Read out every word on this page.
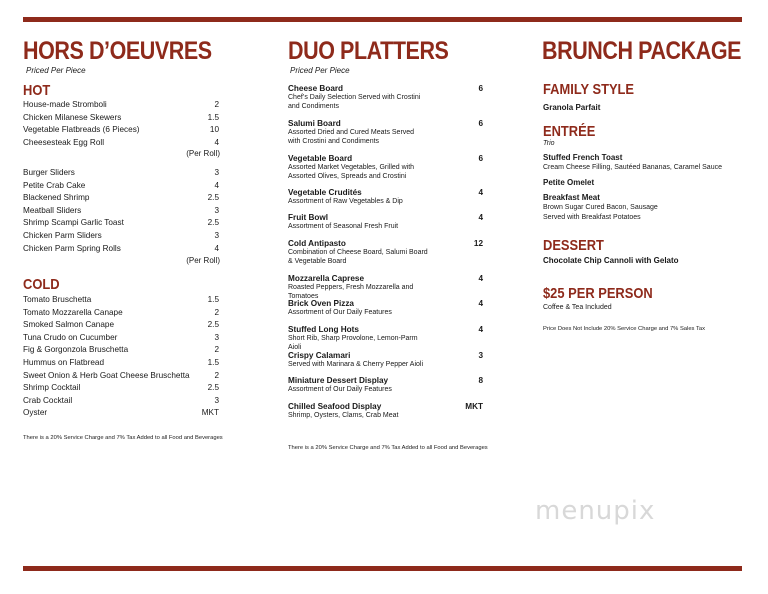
HORS D’OEUVRES
Priced Per Piece
HOT
House-made Stromboli	2
Chicken Milanese Skewers	1.5
Vegetable Flatbreads (6 Pieces)	10
Cheesesteak Egg Roll	4
(Per Roll)
Burger Sliders	3
Petite Crab Cake	4
Blackened Shrimp	2.5
Meatball Sliders	3
Shrimp Scampi Garlic Toast	2.5
Chicken Parm Sliders	3
Chicken Parm Spring Rolls	4
(Per Roll)
COLD
Tomato Bruschetta	1.5
Tomato Mozzarella Canape	2
Smoked Salmon Canape	2.5
Tuna Crudo on Cucumber	3
Fig & Gorgonzola Bruschetta	2
Hummus on Flatbread	1.5
Sweet Onion & Herb Goat Cheese Bruschetta	2
Shrimp Cocktail	2.5
Crab Cocktail	3
Oyster	MKT
There is a 20% Service Charge and 7% Tax Added to all Food and Beverages
DUO PLATTERS
Priced Per Piece
Cheese Board
Chef’s Daily Selection Served with Crostini and Condiments
6
Salumi Board
Assorted Dried and Cured Meats Served with Crostini and Condiments
6
Vegetable Board
Assorted Market Vegetables, Grilled with Assorted Olives, Spreads and Crostini
6
Vegetable Crudités
Assortment of Raw Vegetables & Dip
4
Fruit Bowl
Assortment of Seasonal Fresh Fruit
4
Cold Antipasto
Combination of Cheese Board, Salumi Board & Vegetable Board
12
Mozzarella Caprese
Roasted Peppers, Fresh Mozzarella and Tomatoes
4
Brick Oven Pizza
Assortment of Our Daily Features
4
Stuffed Long Hots
Short Rib, Sharp Provolone, Lemon-Parm Aioli
4
Crispy Calamari
Served with Marinara & Cherry Pepper Aioli
3
Miniature Dessert Display
Assortment of Our Daily Features
8
Chilled Seafood Display
Shrimp, Oysters, Clams, Crab Meat
MKT
There is a 20% Service Charge and 7% Tax Added to all Food and Beverages
BRUNCH PACKAGE
FAMILY STYLE
Granola Parfait
ENTRÉE
Trio
Stuffed French Toast
Cream Cheese Filling, Sautéed Bananas, Caramel Sauce
Petite Omelet
Breakfast Meat
Brown Sugar Cured Bacon, Sausage
Served with Breakfast Potatoes
DESSERT
Chocolate Chip Cannoli with Gelato
$25 PER PERSON
Coffee & Tea Included
Price Does Not Include 20% Service Charge and 7% Sales Tax
menupix
